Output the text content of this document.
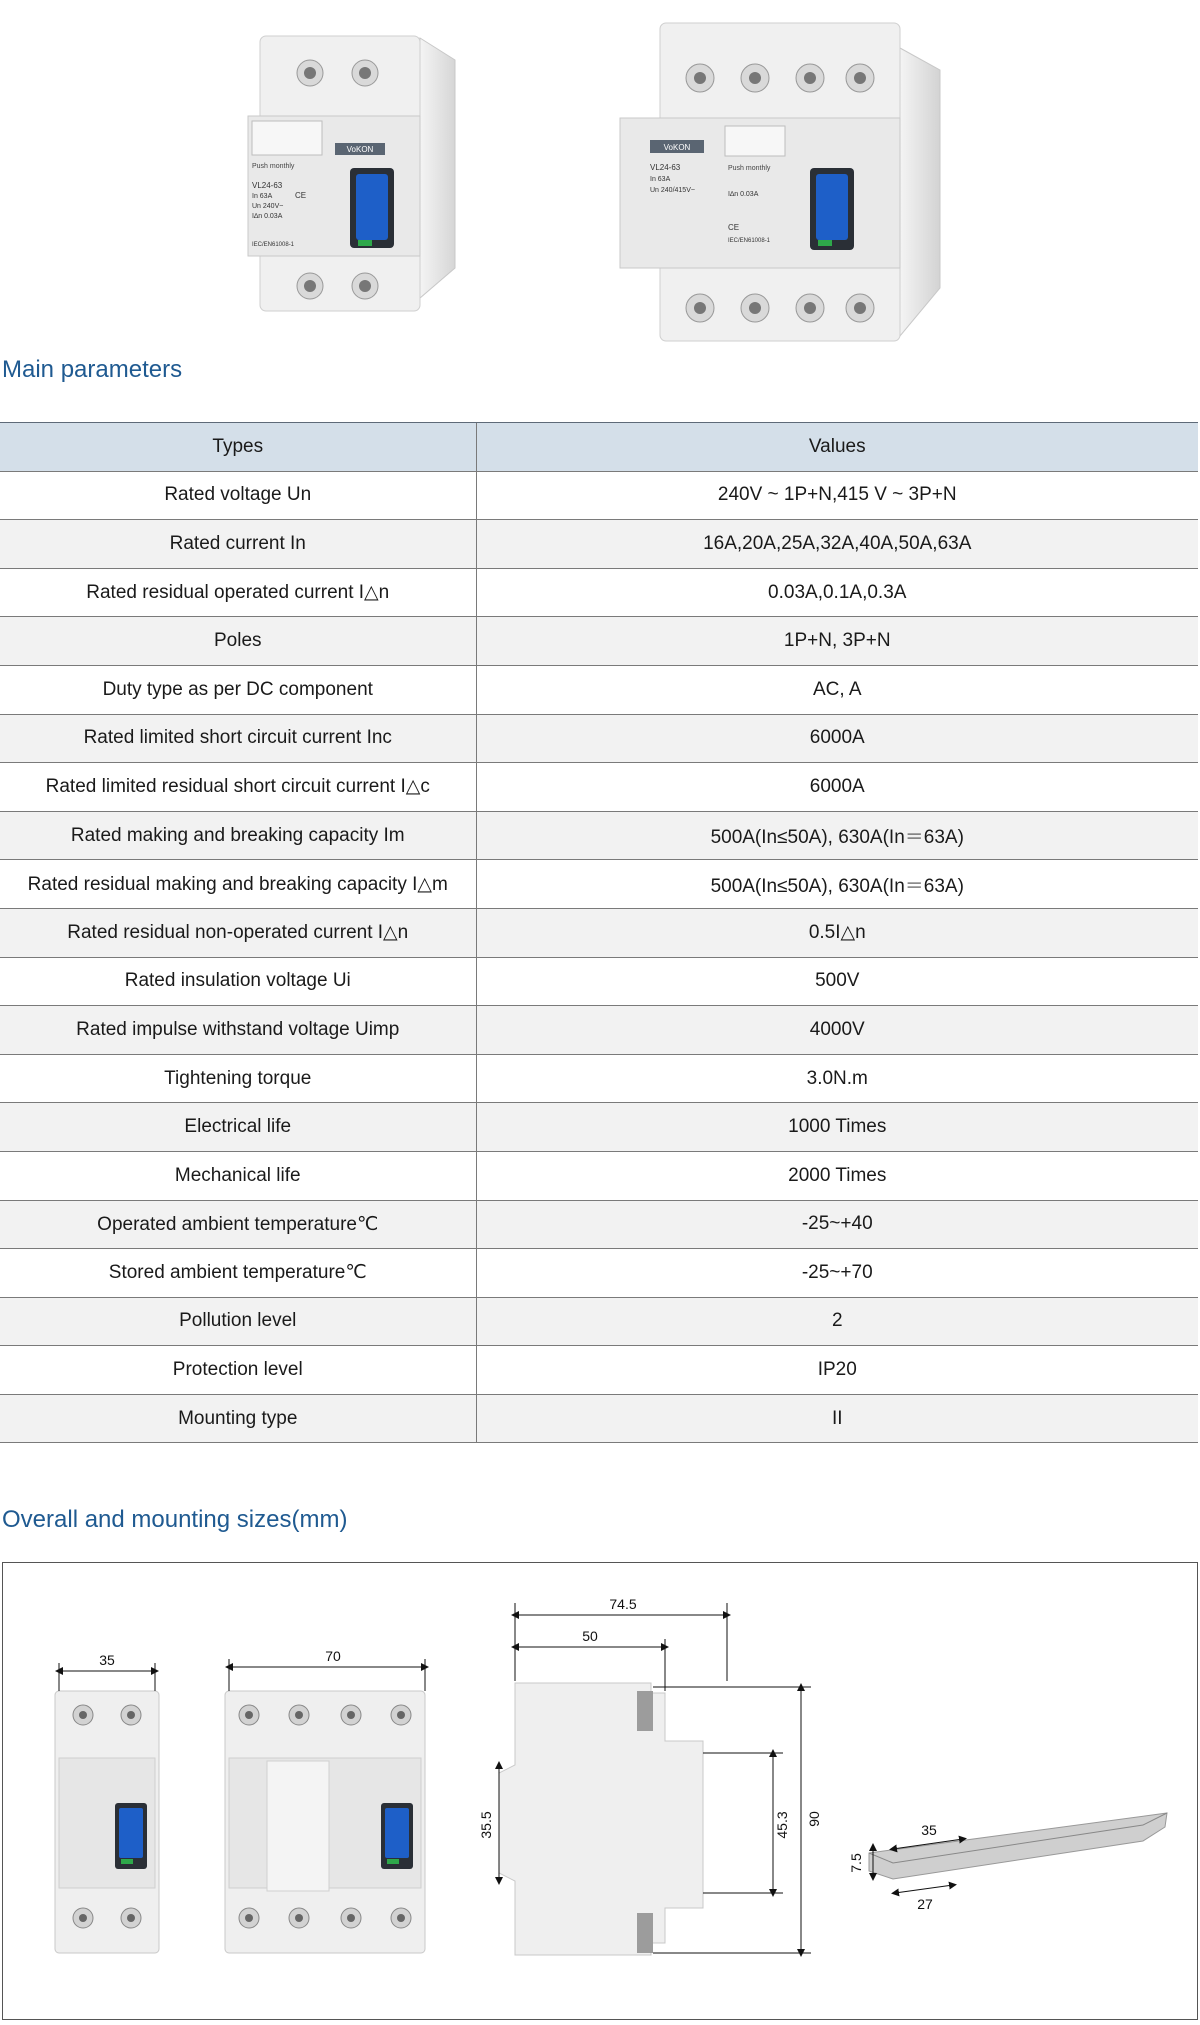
VoKON
Push monthly
VL24-63
In 63A	CE
Un 240V~
I∆n 0.03A
IEC/EN61008-1
VoKON
Push monthly
VL24-63
In 63A
Un 240/415V~
I∆n 0.03A
CE
IEC/EN61008-1
Main parameters
Types	Values
Rated voltage Un	240V ~ 1P+N,415 V ~ 3P+N
Rated current In	16A,20A,25A,32A,40A,50A,63A
Rated residual operated current I△n	0.03A,0.1A,0.3A
Poles	1P+N, 3P+N
Duty type as per DC component	AC, A
Rated limited short circuit current Inc	6000A
Rated limited residual short circuit current I△c	6000A
Rated making and breaking capacity Im	500A(In≤50A), 630A(In＝63A)
Rated residual making and breaking capacity I△m	500A(In≤50A), 630A(In＝63A)
Rated residual non-operated current I△n	0.5I△n
Rated insulation voltage Ui	500V
Rated impulse withstand voltage Uimp	4000V
Tightening torque	3.0N.m
Electrical life	1000 Times
Mechanical life	2000 Times
Operated ambient temperature℃	-25~+40
Stored ambient temperature℃	-25~+70
Pollution level	2
Protection level	IP20
Mounting type	II
Overall and mounting sizes(mm)
35	70
74.5
50
35.5	45.3 90
35
7.5
27
